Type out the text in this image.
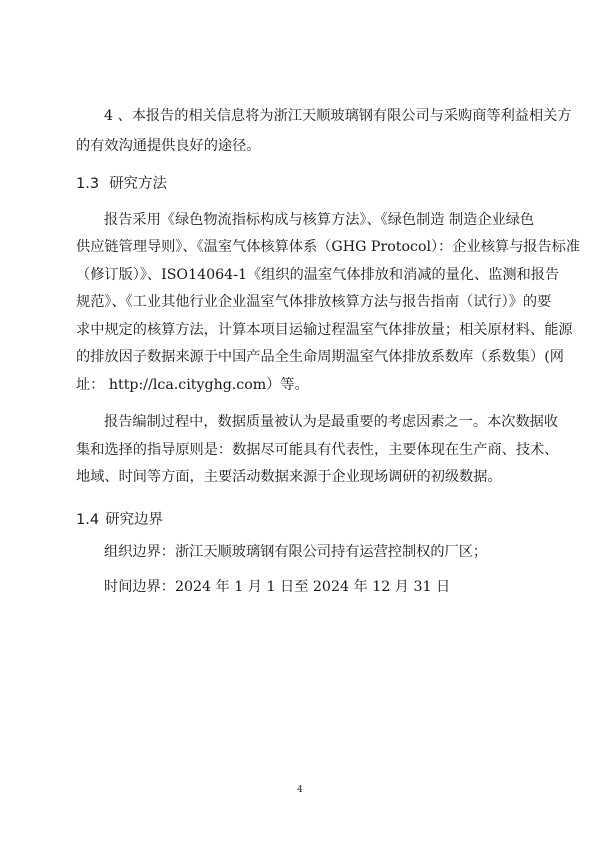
4 、本报告的相关信息将为浙江天顺玻璃钢有限公司与采购商等利益相关方

的有效沟通提供良好的途径。

1.3 研究方法

报告采用《绿色物流指标构成与核算方法》、《绿色制造 制造企业绿色

供应链管理导则》、《温室气体核算体系（GHG Protocol）：企业核算与报告标准

（修订版）》、ISO14064-1《组织的温室气体排放和消减的量化、监测和报告

规范》、《工业其他行业企业温室气体排放核算方法与报告指南（试行）》的要

求中规定的核算方法，计算本项目运输过程温室气体排放量；相关原材料、能源

的排放因子数据来源于中国产品全生命周期温室气体排放系数库（系数集）(网

址： http://lca.cityghg.com）等。

报告编制过程中，数据质量被认为是最重要的考虑因素之一。本次数据收

集和选择的指导原则是：数据尽可能具有代表性，主要体现在生产商、技术、

地域、时间等方面，主要活动数据来源于企业现场调研的初级数据。

1.4 研究边界

组织边界：浙江天顺玻璃钢有限公司持有运营控制权的厂区；

时间边界：2024 年 1 月 1 日至 2024 年 12 月 31 日

4
